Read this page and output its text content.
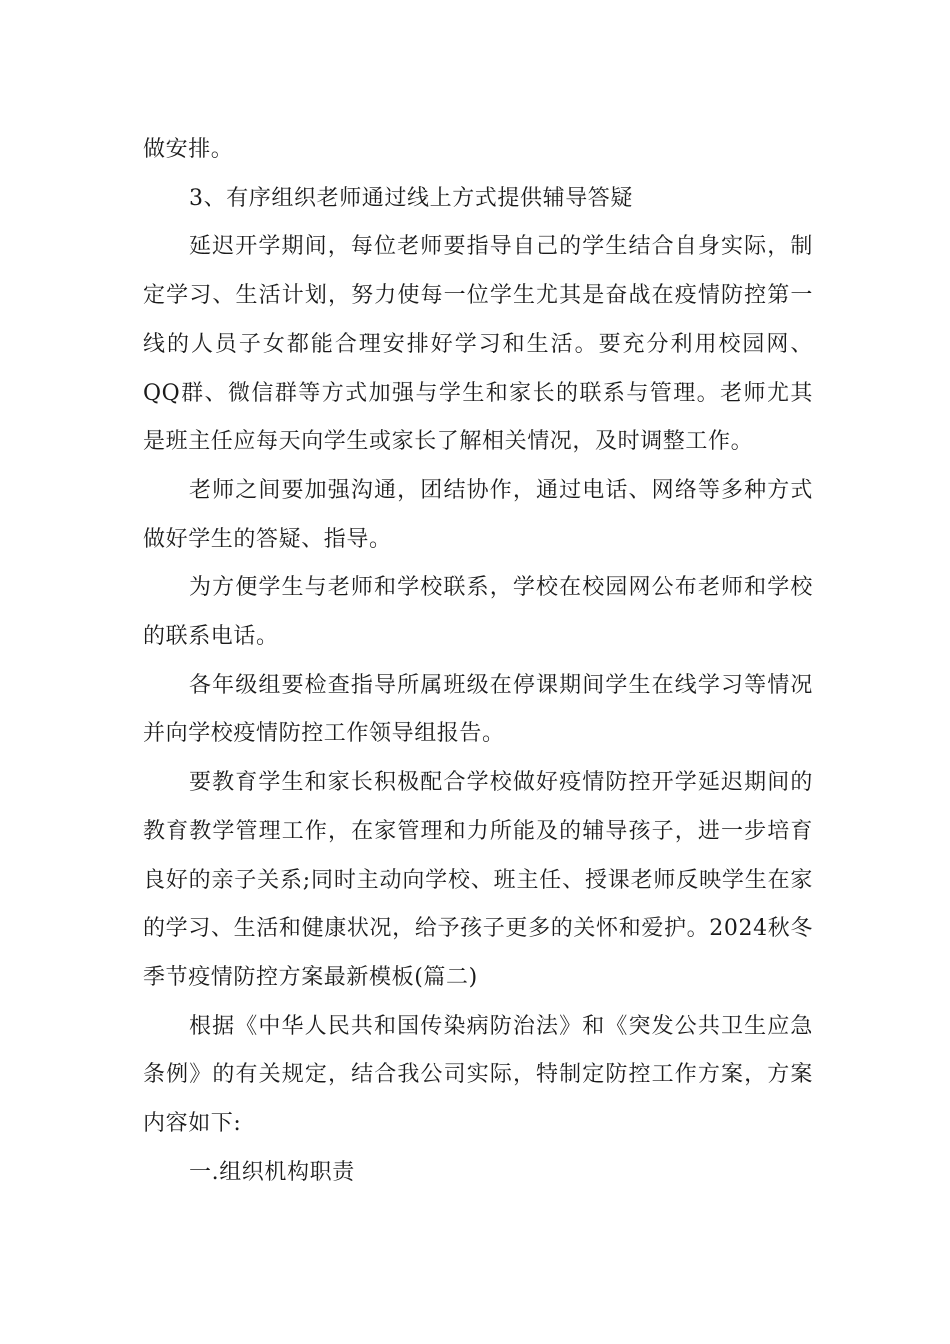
做安排。

3、有序组织老师通过线上方式提供辅导答疑

延迟开学期间，每位老师要指导自己的学生结合自身实际，制定学习、生活计划，努力使每一位学生尤其是奋战在疫情防控第一线的人员子女都能合理安排好学习和生活。要充分利用校园网、QQ群、微信群等方式加强与学生和家长的联系与管理。老师尤其是班主任应每天向学生或家长了解相关情况，及时调整工作。

老师之间要加强沟通，团结协作，通过电话、网络等多种方式做好学生的答疑、指导。

为方便学生与老师和学校联系，学校在校园网公布老师和学校的联系电话。

各年级组要检查指导所属班级在停课期间学生在线学习等情况并向学校疫情防控工作领导组报告。

要教育学生和家长积极配合学校做好疫情防控开学延迟期间的教育教学管理工作，在家管理和力所能及的辅导孩子，进一步培育良好的亲子关系;同时主动向学校、班主任、授课老师反映学生在家的学习、生活和健康状况，给予孩子更多的关怀和爱护。2024秋冬季节疫情防控方案最新模板(篇二)

根据《中华人民共和国传染病防治法》和《突发公共卫生应急条例》的有关规定，结合我公司实际，特制定防控工作方案，方案内容如下:

一.组织机构职责
